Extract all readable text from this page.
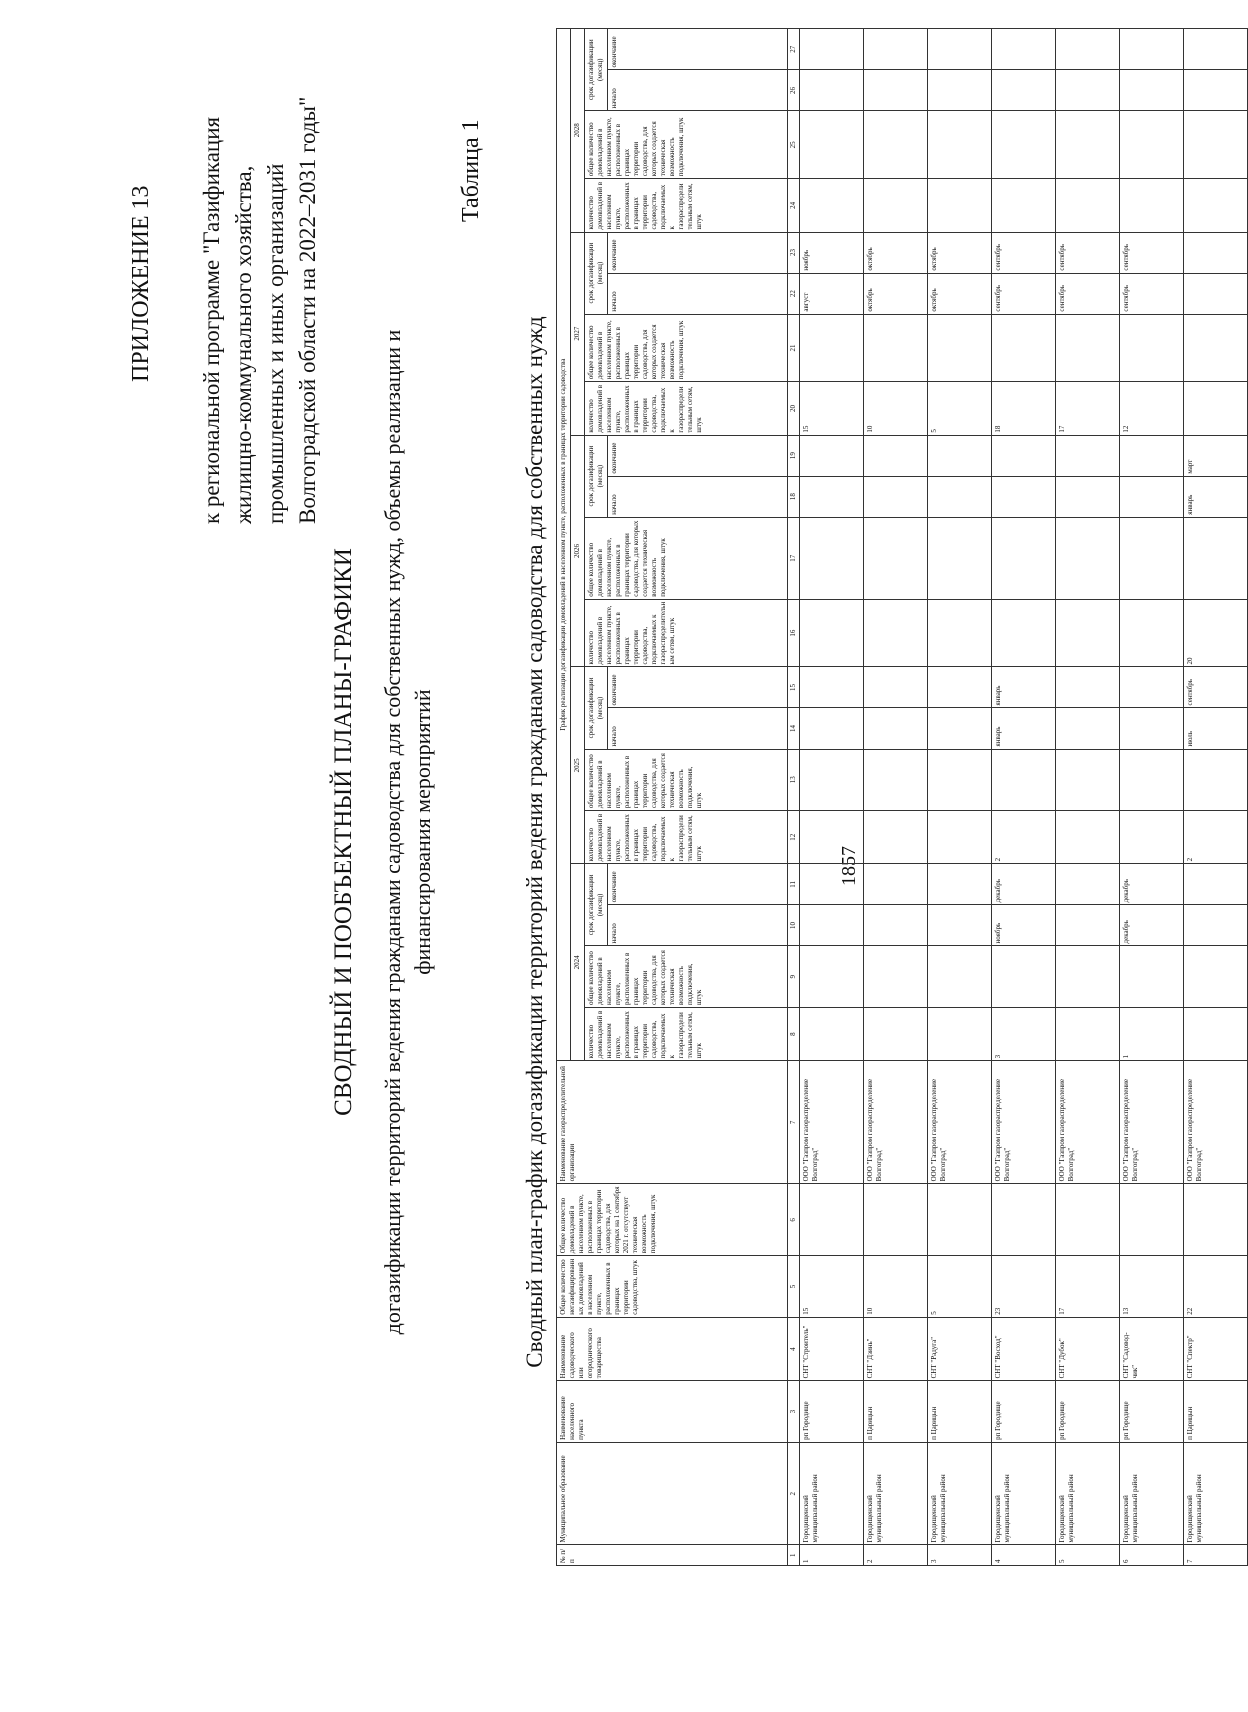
1857
ПРИЛОЖЕНИЕ 13 к региональной программе "Газификация жилищно-коммунального хозяйства, промышленных и иных организаций Волгоградской области на 2022–2031 годы"
СВОДНЫЙ И ПООБЪЕКТНЫЙ ПЛАНЫ-ГРАФИКИ догазификации территорий ведения гражданами садоводства для собственных нужд, объемы реализации и финансирования мероприятий
Таблица 1
Сводный план-график догазификации территорий ведения гражданами садоводства для собственных нужд
№ п/п	Муниципальное образование	Наименование населенного пункта	Наименование садоводческого или огороднического товарищества	Общее количество негазифицированных домовладений в населенном пункте, расположенных в границах территории садоводства, штук	Общее количество домовладений в населенном пункте, расположенных в границах территории садоводства, для которых на 1 сентября 2021 г. отсутствует техническая возможность подключения, штук	Наименование газораспределительной организации	График реализации догазификации домовладений в населенном пункте, расположенных в границах территории садоводства																			
							2024				2025				2026				2027				2028			
							количество домовладений в населенном пункте, расположенных в границах территории садоводства, подключаемых к газораспределительным сетям, штук	общее количество домовладений в населенном пункте, расположенных в границах территории садоводства, для которых создается техническая возможность подключения, штук	срок догазификации (месяц)		количество домовладений в населенном пункте, расположенных в границах территории садоводства, подключаемых к газораспределительным сетям, штук	общее количество домовладений в населенном пункте, расположенных в границах территории садоводства, для которых создается техническая возможность подключения, штук	срок догазификации (месяц)		количество домовладений в населенном пункте, расположенных в границах территории садоводства, подключаемых к газораспределительным сетям, штук	общее количество домовладений в населенном пункте, расположенных в границах территории садоводства, для которых создается техническая возможность подключения, штук	срок догазификации (месяц)		количество домовладений в населенном пункте, расположенных в границах территории садоводства, подключаемых к газораспределительным сетям, штук	общее количество домовладений в населенном пункте, расположенных в границах территории садоводства, для которых создается техническая возможность подключения, штук	срок догазификации (месяц)		количество домовладений в населенном пункте, расположенных в границах территории садоводства, подключаемых к газораспределительным сетям, штук	общее количество домовладений в населенном пункте, расположенных в границах территории садоводства, для которых создается техническая возможность подключения, штук	срок догазификации (месяц)	
									начало	окончание			начало	окончание			начало	окончание			начало	окончание			начало	окончание
1	2	3	4	5	6	7	8	9	10	11	12	13	14	15	16	17	18	19	20	21	22	23	24	25	26	27
1	Городищенский муниципальный район	рп Городище	СНТ "Строитель"	15		ООО "Газпром газораспределение Волгоград"													15		август	ноябрь				
2	Городищенский муниципальный район	п Царицын	СНТ "Дзинь"	10		ООО "Газпром газораспределение Волгоград"													10		октябрь	октябрь				
3	Городищенский муниципальный район	п Царицын	СНТ "Радуга"	5		ООО "Газпром газораспределение Волгоград"													5		октябрь	октябрь				
4	Городищенский муниципальный район	рп Городище	СНТ "Восход"	23		ООО "Газпром газораспределение Волгоград"	3		ноябрь	декабрь	2		январь	январь					18		сентябрь	сентябрь				
5	Городищенский муниципальный район	рп Городище	СНТ "Дубок"	17		ООО "Газпром газораспределение Волгоград"													17		сентябрь	сентябрь				
6	Городищенский муниципальный район	рп Городище	СНТ "Садовод-чик"	13		ООО "Газпром газораспределение Волгоград"	1		декабрь	декабрь									12		сентябрь	сентябрь				
7	Городищенский муниципальный район	п Царицын	СНТ "Спектр"	22		ООО "Газпром газораспределение Волгоград"					2		июль	сентябрь	20		январь	март								
